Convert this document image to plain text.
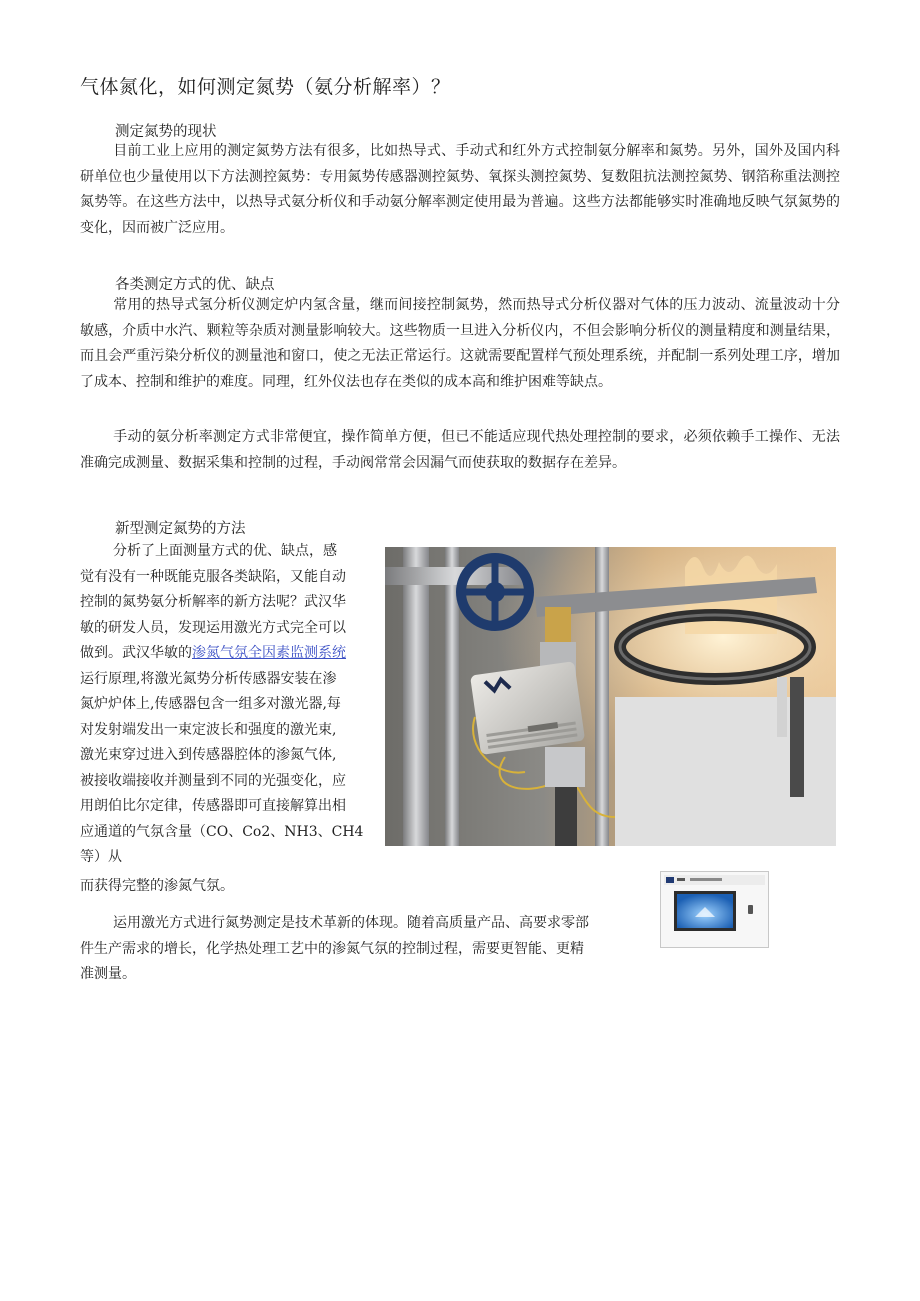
气体氮化，如何测定氮势（氨分析解率）？
测定氮势的现状
目前工业上应用的测定氮势方法有很多，比如热导式、手动式和红外方式控制氨分解率和氮势。另外，国外及国内科研单位也少量使用以下方法测控氮势：专用氮势传感器测控氮势、氧探头测控氮势、复数阻抗法测控氮势、钢箔称重法测控氮势等。在这些方法中，以热导式氨分析仪和手动氨分解率测定使用最为普遍。这些方法都能够实时准确地反映气氛氮势的变化，因而被广泛应用。
各类测定方式的优、缺点
常用的热导式氢分析仪测定炉内氢含量，继而间接控制氮势，然而热导式分析仪器对气体的压力波动、流量波动十分敏感，介质中水汽、颗粒等杂质对测量影响较大。这些物质一旦进入分析仪内，不但会影响分析仪的测量精度和测量结果，而且会严重污染分析仪的测量池和窗口，使之无法正常运行。这就需要配置样气预处理系统，并配制一系列处理工序，增加了成本、控制和维护的难度。同理，红外仪法也存在类似的成本高和维护困难等缺点。
手动的氨分析率测定方式非常便宜，操作简单方便，但已不能适应现代热处理控制的要求，必须依赖手工操作、无法准确完成测量、数据采集和控制的过程，手动阀常常会因漏气而使获取的数据存在差异。
新型测定氮势的方法
分析了上面测量方式的优、缺点，感
觉有没有一种既能克服各类缺陷，又能自动
控制的氮势氨分析解率的新方法呢？武汉华
敏的研发人员，发现运用激光方式完全可以
做到。武汉华敏的渗氮气氛全因素监测系统
运行原理,将激光氮势分析传感器安装在渗
氮炉炉体上,传感器包含一组多对激光器,每
对发射端发出一束定波长和强度的激光束,
激光束穿过进入到传感器腔体的渗氮气体,
被接收端接收并测量到不同的光强变化，应
用朗伯比尔定律，传感器即可直接解算出相
应通道的气氛含量（CO、Co2、NH3、CH4
等）从
而获得完整的渗氮气氛。
运用激光方式进行氮势测定是技术革新的体现。随着高质量产品、高要求零部
件生产需求的增长，化学热处理工艺中的渗氮气氛的控制过程，需要更智能、更精
准测量。
